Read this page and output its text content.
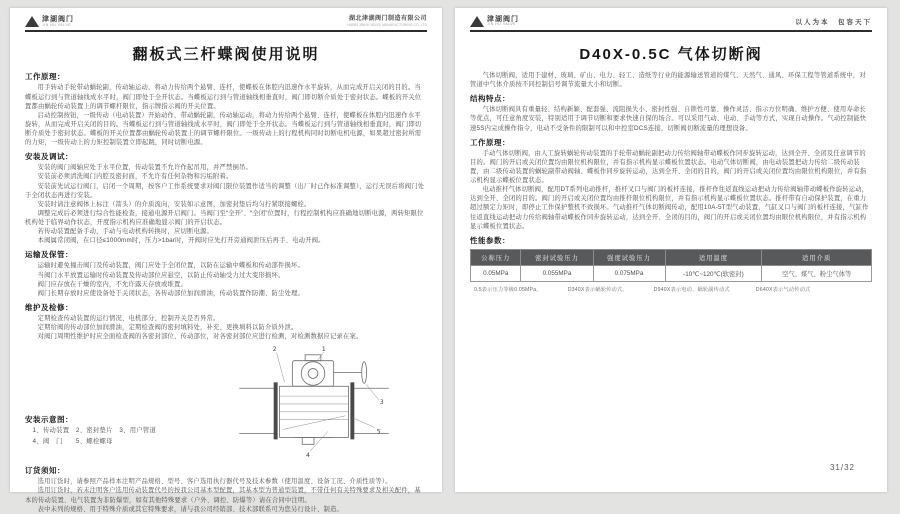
津湖阀门
JIN HU VALVE
湖北津湖阀门制造有限公司
HUBEI JINHU VALVE MANUFACTURING CO.,LTD
翻板式三杆蝶阀使用说明
工作原理：

用手转动手轮带动蜗轮副，传动轴运动，将动力传给两个悬臂、连杆，使蝶板在体腔内迅速作水平旋转，从而完成开启关闭的目的。当蝶板运行到与管道轴线成水平时，阀门即处于全开状态。当蝶板运行到与管道轴线相垂直时，阀门即切断介质处于密封状态。蝶板的开关位置都由蜗轮传动装置上的调节螺杆限位，指示牌指示阀的开关位置。

启动控制按钮，一级传动（电动装置）开始动作，带动蜗轮副，传动轴运动，将动力传给两个悬臂、连杆，使蝶板在体腔内迅速作水平旋转，从而完成开启关闭的目的。当蝶板运行到与管道轴线成水平时，阀门即处于全开状态。当蝶板运行到与管道轴线相垂直时，阀门即切断介质处于密封状态。蝶板的开关位置都由蜗轮传动装置上的调节螺杆限位。一级传动上的行程机构同时切断电机电源，如果超过密封所需的力矩，一级传动上的力矩控制装置立即起跳，同时切断电源。

安装及调试：

安装的阀门阀轴应处于水平位置，传动装置不允许作起吊用，并严禁倒吊。

安装前必须清洗阀门内腔及密封面，不允许有任何杂物和污垢附着。

安装前先试运行阀门，启闭一个周期，按客户工作系统要求对阀门限位装置作适当的调整（出厂时已作标准调整），运行无误后将阀门处于全闭状态再进行安装。

安装时请注意阀体上标注（箭头）的介质流向，安装如示意图，加密封垫后均匀拧紧联接螺栓。

调整完成后必须进行综合性能检查，接通电源开启阀门。当阀门至“全开”、“全闭”位置时，行程控制机构应准确地切断电源，两转矩限位机构处于临界动作状态，开度指示机构应准确地显示阀门的开启状态。

若传动装置配备手动，手动与电动机构转换时，应切断电源。

本阀属常闭阀，在口径≤1000mm时，压力>1bar时，开阀时应先打开旁通阀泄压后再手、电动开阀。

运输及保管：

运输时避免撞击阀门及传动装置，阀门应处于全闭位置，以防在运输中蝶板和传动部件损坏。

当阀门水平放置运输时传动装置及传动部位应悬空，以防止传动轴受力过大变形损坏。

阀门应存放在干燥的室内，不允许露天存放或堆置。

阀门长期存放时应使设备处于关闭状态，各传动部位加润滑油，传动装置作防潮、防尘处理。

维护及检修：

定期检查传动装置的运行情况、电机部分、控制开关是否异常。

定期给阀的传动部位加润滑油，定期检查阀的密封填料处，补充、更换填料以防介质外泄。

对阀门周期性维护时应全面检查阀的各密封部位、传动部位，对各密封部位应进行检测，对检测数据应记录在案。

安装示意图：
1、传动装置　2、密封垫片　3、用户管道
4、阀　门　　5、螺栓螺母
1
2
3
4
5
订货须知：

选用订货时，请参照产品样本注明产品规格、型号、客户选用执行器代号及技术参数（使用温度、设备工况、介质性质等）。

选用订货时，若未注明客户选用传动装置代号的按我公司基本型配置，其基本型为普通型装置，不带任何有关特殊要求及相关配件，基本的传动装置、电气装置为非防爆型，如有其他特殊要求（户外、调控、防爆等）请在合同中注明。

表中未列的规格、用于特殊介质或其它特殊要求，请与我公司经销部、技术部联系可为您另行设计、制造。

津湖阀门
JIN HU VALVE	以人为本　包容天下
D40X-0.5C 气体切断阀

气体切断阀，适用于建材、玻璃、矿山、电力、轻工、造纸等行业的能源输送管道的煤气、天然气、通风、环保工程等管道系统中，对管道中气体介质按不同控制信号调节流量大小和切断。

结构特点：

气体切断阀具有重量轻、结构新颖、配套强、流阻损失小、密封性强、自锁性可靠、操作灵活、指示方位明确、维护方便、使用寿命长等优点，可任意角度安装，特别适用于调节切断和要求快速自保的场合。可以采用气动、电动、手动等方式，实现自动操作。气动控制能快速5S内完成操作指令，电动不受条件的限制可以和中控室DCS连接，切断阀切断流量的理想设备。

工作原理：

手动气体切断阀，由人工旋转蜗轮传动装置的手轮带动蜗轮副把动力传给阀轴带动蝶板作同步旋转运动，达到全开、全闭及任意调节的目的。阀门的开启或关闭位置均由限位机构限位，并有指示机构显示蝶板位置状态。电动气体切断阀，由电动装置把动力传给二级传动装置，由二级传动装置的蜗轮副带动阀轴、蝶板作同步旋转运动，达到全开、全闭的目的，阀门的开启或关闭位置均由限位机构限位，并有指示机构显示蝶板位置状态。

电动推杆气体切断阀，配用DT系列电动推杆，推杆叉口与阀门的板杆连接，推杆作往返直线运动把动力传给阀轴带动蝶板作旋转运动，达到全开、全闭的目的。阀门的开启或关闭位置均由推杆限位机构限位，并有指示机构显示蝶板位置状态。推杆带有自动保护装置，在重力超过额定力矩时，即停止工作保护整机不致损坏。气动推杆气体切断阀传动，配用10A-5T型气动装置，气缸叉口与阀门的板杆连接，气缸作往返直线运动把动力传给阀轴带动蝶板作同步旋转运动，达到全开、全闭的目的，阀门的开启或关闭位置均由限位机构限位，并有指示机构显示蝶板位置状态。

性能参数：
公称压力	密封试验压力	强度试验压力	适用温度	适用介质
0.05MPa	0.055MPa	0.075MPa	-10℃~120℃(软密封)	空气、煤气、粉尘气体等
0.5表示压力等级0.05MPa。	D340X表示蜗轮传动式。	D940X表示电动、蜗轮副传动式	D640X表示气动传动式
31/32
